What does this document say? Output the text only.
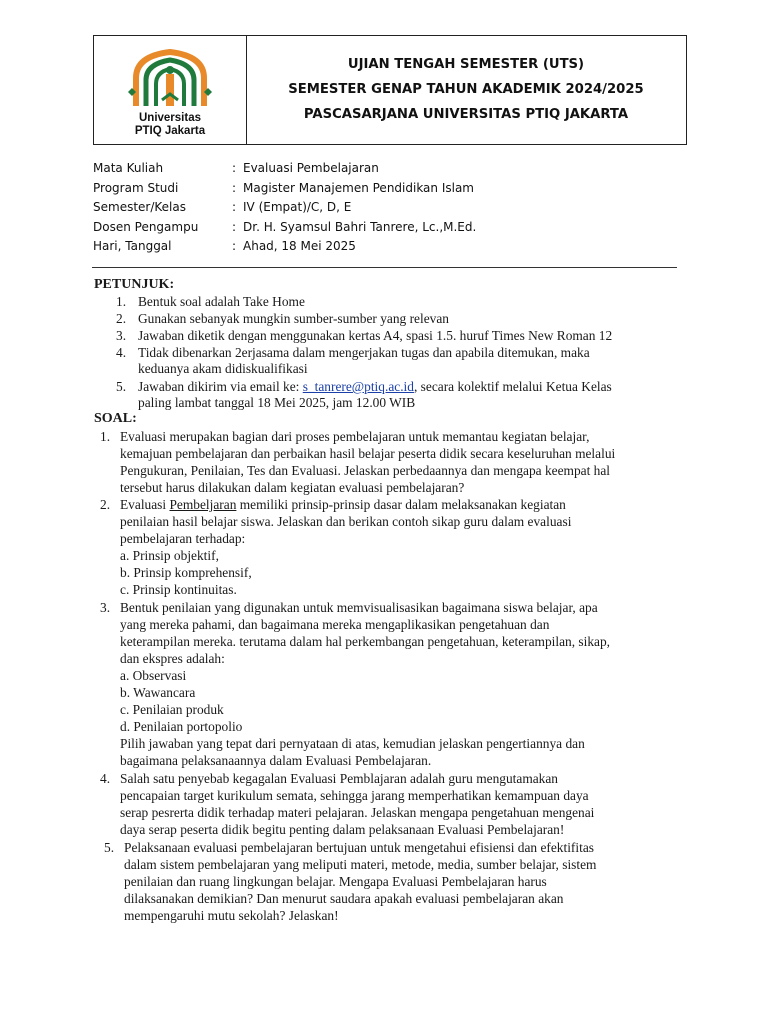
Universitas
PTIQ Jakarta
UJIAN TENGAH SEMESTER (UTS)
SEMESTER GENAP TAHUN AKADEMIK 2024/2025
PASCASARJANA UNIVERSITAS PTIQ JAKARTA
Mata Kuliah	: Evaluasi Pembelajaran
Program Studi	: Magister Manajemen Pendidikan Islam
Semester/Kelas	: IV (Empat)/C, D, E
Dosen Pengampu	: Dr. H. Syamsul Bahri Tanrere, Lc.,M.Ed.
Hari, Tanggal	: Ahad, 18 Mei 2025
PETUNJUK:
1. Bentuk soal adalah Take Home
2. Gunakan sebanyak mungkin sumber-sumber yang relevan
3. Jawaban diketik dengan menggunakan kertas A4, spasi 1.5. huruf Times New Roman 12
4. Tidak dibenarkan 2erjasama dalam mengerjakan tugas dan apabila ditemukan, maka
keduanya akam didiskualifikasi
5. Jawaban dikirim via email ke: s_tanrere@ptiq.ac.id, secara kolektif melalui Ketua Kelas
paling lambat tanggal 18 Mei 2025, jam 12.00 WIB
SOAL:
1. Evaluasi merupakan bagian dari proses pembelajaran untuk memantau kegiatan belajar,
kemajuan pembelajaran dan perbaikan hasil belajar peserta didik secara keseluruhan melalui
Pengukuran, Penilaian, Tes dan Evaluasi. Jelaskan perbedaannya dan mengapa keempat hal
tersebut harus dilakukan dalam kegiatan evaluasi pembelajaran?
2. Evaluasi Pembeljaran memiliki prinsip-prinsip dasar dalam melaksanakan kegiatan
penilaian hasil belajar siswa. Jelaskan dan berikan contoh sikap guru dalam evaluasi
pembelajaran terhadap:
a. Prinsip objektif,
b. Prinsip komprehensif,
c. Prinsip kontinuitas.
3. Bentuk penilaian yang digunakan untuk memvisualisasikan bagaimana siswa belajar, apa
yang mereka pahami, dan bagaimana mereka mengaplikasikan pengetahuan dan
keterampilan mereka. terutama dalam hal perkembangan pengetahuan, keterampilan, sikap,
dan ekspres adalah:
a. Observasi
b. Wawancara
c. Penilaian produk
d. Penilaian portopolio
Pilih jawaban yang tepat dari pernyataan di atas, kemudian jelaskan pengertiannya dan
bagaimana pelaksanaannya dalam Evaluasi Pembelajaran.
4. Salah satu penyebab kegagalan Evaluasi Pemblajaran adalah guru mengutamakan
pencapaian target kurikulum semata, sehingga jarang memperhatikan kemampuan daya
serap pesrerta didik terhadap materi pelajaran. Jelaskan mengapa pengetahuan mengenai
daya serap peserta didik begitu penting dalam pelaksanaan Evaluasi Pembelajaran!
5. Pelaksanaan evaluasi pembelajaran bertujuan untuk mengetahui efisiensi dan efektifitas
dalam sistem pembelajaran yang meliputi materi, metode, media, sumber belajar, sistem
penilaian dan ruang lingkungan belajar. Mengapa Evaluasi Pembelajaran harus
dilaksanakan demikian? Dan menurut saudara apakah evaluasi pembelajaran akan
mempengaruhi mutu sekolah? Jelaskan!
